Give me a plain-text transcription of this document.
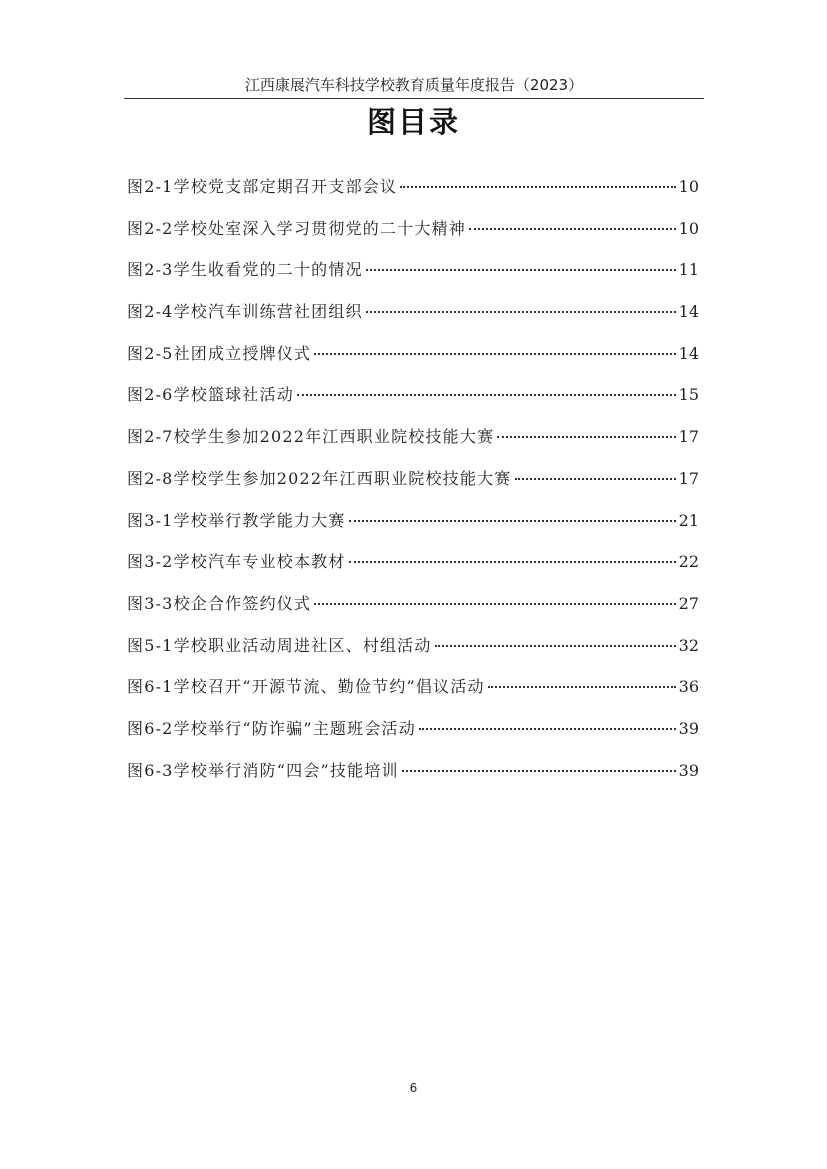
江西康展汽车科技学校教育质量年度报告（2023）
图目录
图2-1学校党支部定期召开支部会议	10
图2-2学校处室深入学习贯彻党的二十大精神	10
图2-3学生收看党的二十的情况	11
图2-4学校汽车训练营社团组织	14
图2-5社团成立授牌仪式	14
图2-6学校篮球社活动	15
图2-7校学生参加2022年江西职业院校技能大赛	17
图2-8学校学生参加2022年江西职业院校技能大赛	17
图3-1学校举行教学能力大赛	21
图3-2学校汽车专业校本教材	22
图3-3校企合作签约仪式	27
图5-1学校职业活动周进社区、村组活动	32
图6-1学校召开“开源节流、勤俭节约”倡议活动	36
图6-2学校举行“防诈骗”主题班会活动	39
图6-3学校举行消防“四会”技能培训	39
6
